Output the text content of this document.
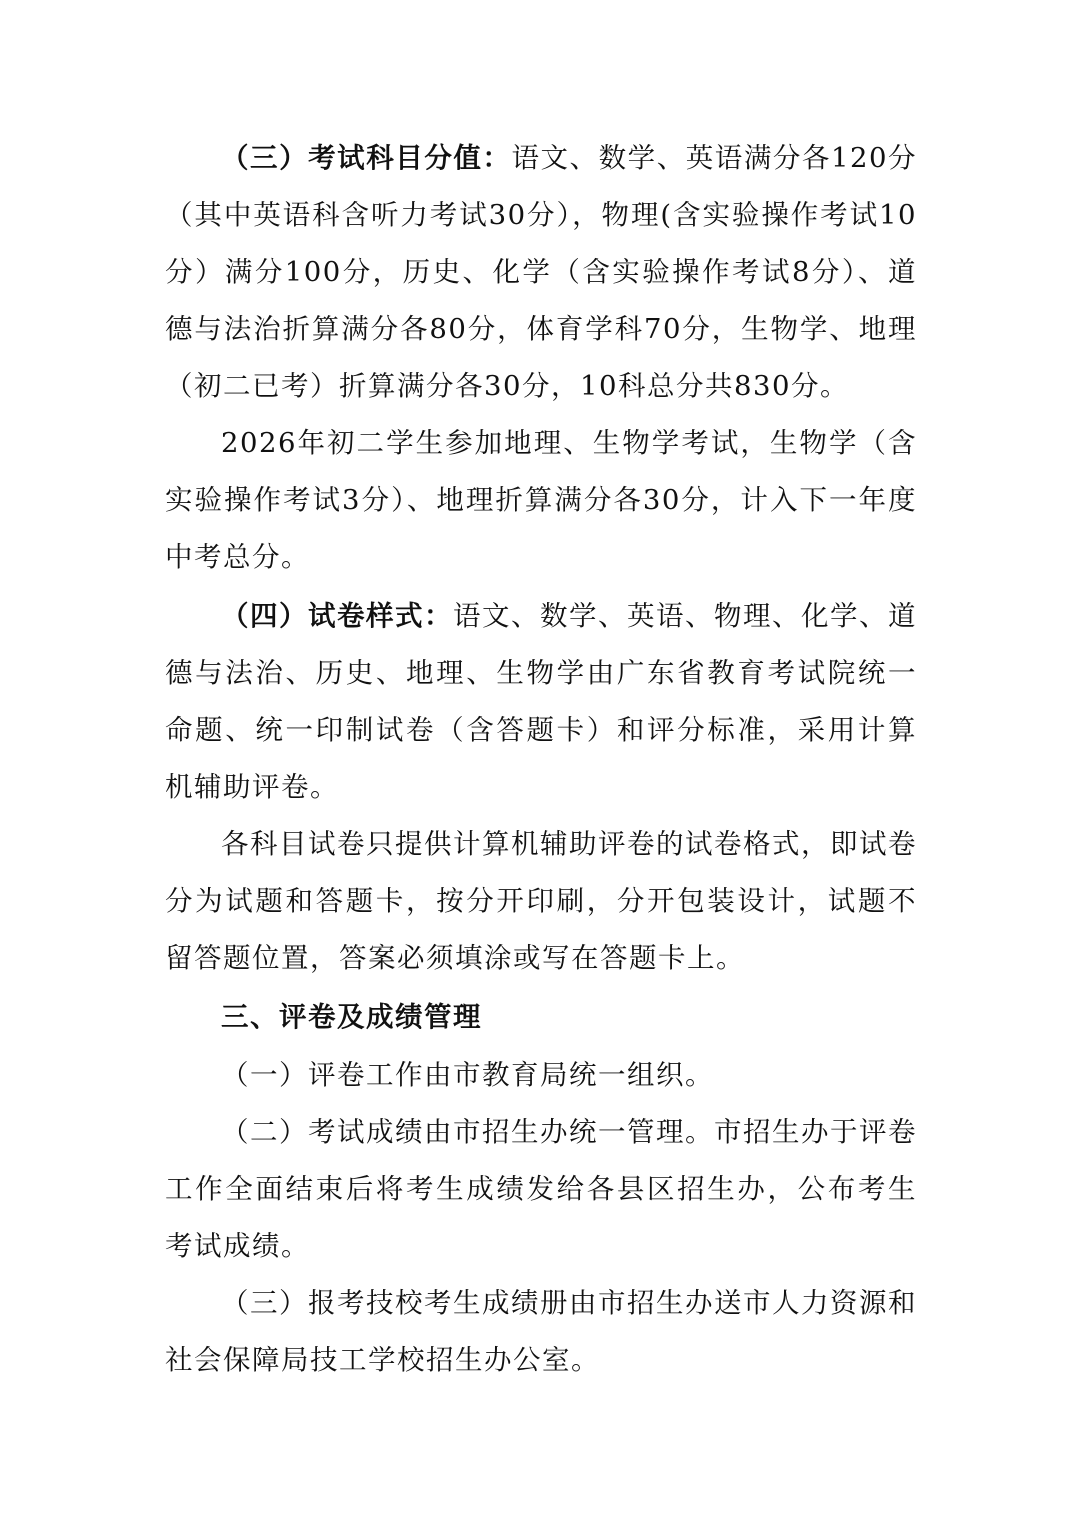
（三）考试科目分值：语文、数学、英语满分各120分（其中英语科含听力考试30分），物理(含实验操作考试10分）满分100分，历史、化学（含实验操作考试8分）、道德与法治折算满分各80分，体育学科70分，生物学、地理（初二已考）折算满分各30分，10科总分共830分。

2026年初二学生参加地理、生物学考试，生物学（含实验操作考试3分）、地理折算满分各30分，计入下一年度中考总分。

（四）试卷样式：语文、数学、英语、物理、化学、道德与法治、历史、地理、生物学由广东省教育考试院统一命题、统一印制试卷（含答题卡）和评分标准，采用计算机辅助评卷。

各科目试卷只提供计算机辅助评卷的试卷格式，即试卷分为试题和答题卡，按分开印刷，分开包装设计，试题不留答题位置，答案必须填涂或写在答题卡上。

三、评卷及成绩管理

（一）评卷工作由市教育局统一组织。

（二）考试成绩由市招生办统一管理。市招生办于评卷工作全面结束后将考生成绩发给各县区招生办，公布考生考试成绩。

（三）报考技校考生成绩册由市招生办送市人力资源和社会保障局技工学校招生办公室。
